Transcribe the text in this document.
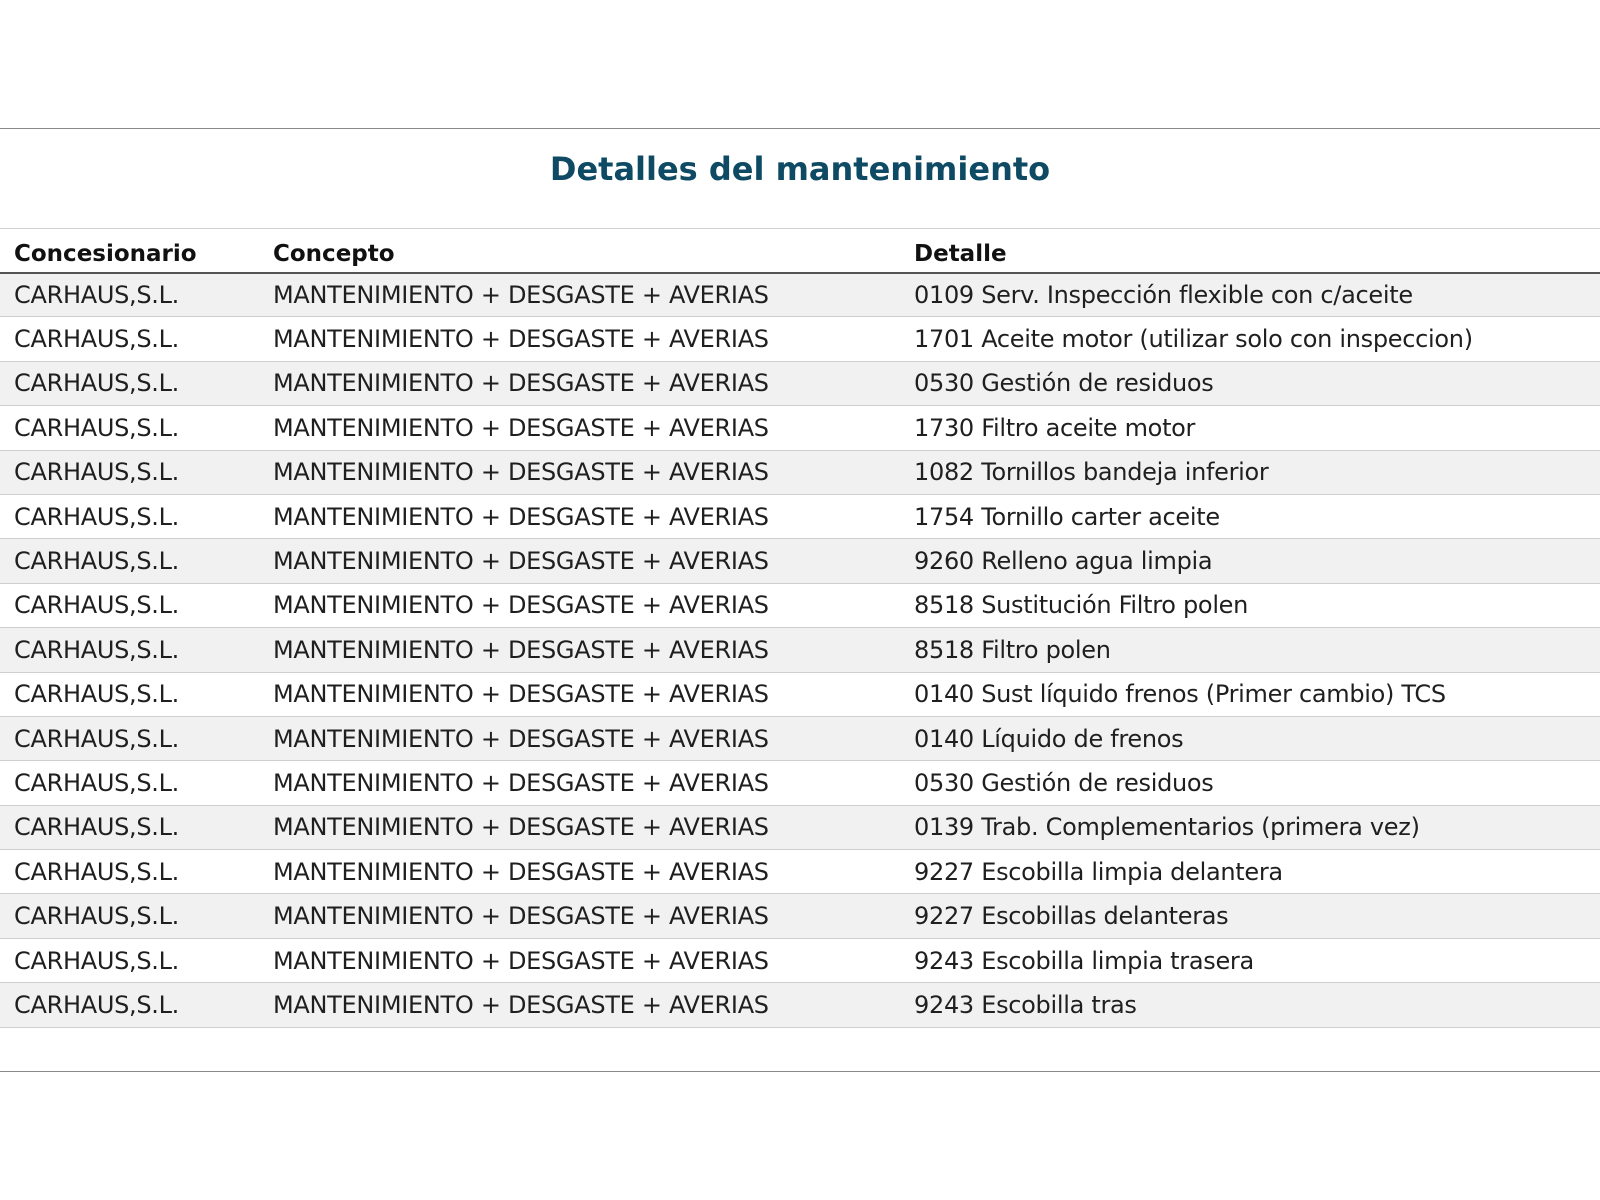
Detalles del mantenimiento
Concesionario	Concepto	Detalle
CARHAUS,S.L.	MANTENIMIENTO + DESGASTE + AVERIAS	0109 Serv. Inspección flexible con c/aceite
CARHAUS,S.L.	MANTENIMIENTO + DESGASTE + AVERIAS	1701 Aceite motor (utilizar solo con inspeccion)
CARHAUS,S.L.	MANTENIMIENTO + DESGASTE + AVERIAS	0530 Gestión de residuos
CARHAUS,S.L.	MANTENIMIENTO + DESGASTE + AVERIAS	1730 Filtro aceite motor
CARHAUS,S.L.	MANTENIMIENTO + DESGASTE + AVERIAS	1082 Tornillos bandeja inferior
CARHAUS,S.L.	MANTENIMIENTO + DESGASTE + AVERIAS	1754 Tornillo carter aceite
CARHAUS,S.L.	MANTENIMIENTO + DESGASTE + AVERIAS	9260 Relleno agua limpia
CARHAUS,S.L.	MANTENIMIENTO + DESGASTE + AVERIAS	8518 Sustitución Filtro polen
CARHAUS,S.L.	MANTENIMIENTO + DESGASTE + AVERIAS	8518 Filtro polen
CARHAUS,S.L.	MANTENIMIENTO + DESGASTE + AVERIAS	0140 Sust líquido frenos (Primer cambio) TCS
CARHAUS,S.L.	MANTENIMIENTO + DESGASTE + AVERIAS	0140 Líquido de frenos
CARHAUS,S.L.	MANTENIMIENTO + DESGASTE + AVERIAS	0530 Gestión de residuos
CARHAUS,S.L.	MANTENIMIENTO + DESGASTE + AVERIAS	0139 Trab. Complementarios (primera vez)
CARHAUS,S.L.	MANTENIMIENTO + DESGASTE + AVERIAS	9227 Escobilla limpia delantera
CARHAUS,S.L.	MANTENIMIENTO + DESGASTE + AVERIAS	9227 Escobillas delanteras
CARHAUS,S.L.	MANTENIMIENTO + DESGASTE + AVERIAS	9243 Escobilla limpia trasera
CARHAUS,S.L.	MANTENIMIENTO + DESGASTE + AVERIAS	9243 Escobilla tras
